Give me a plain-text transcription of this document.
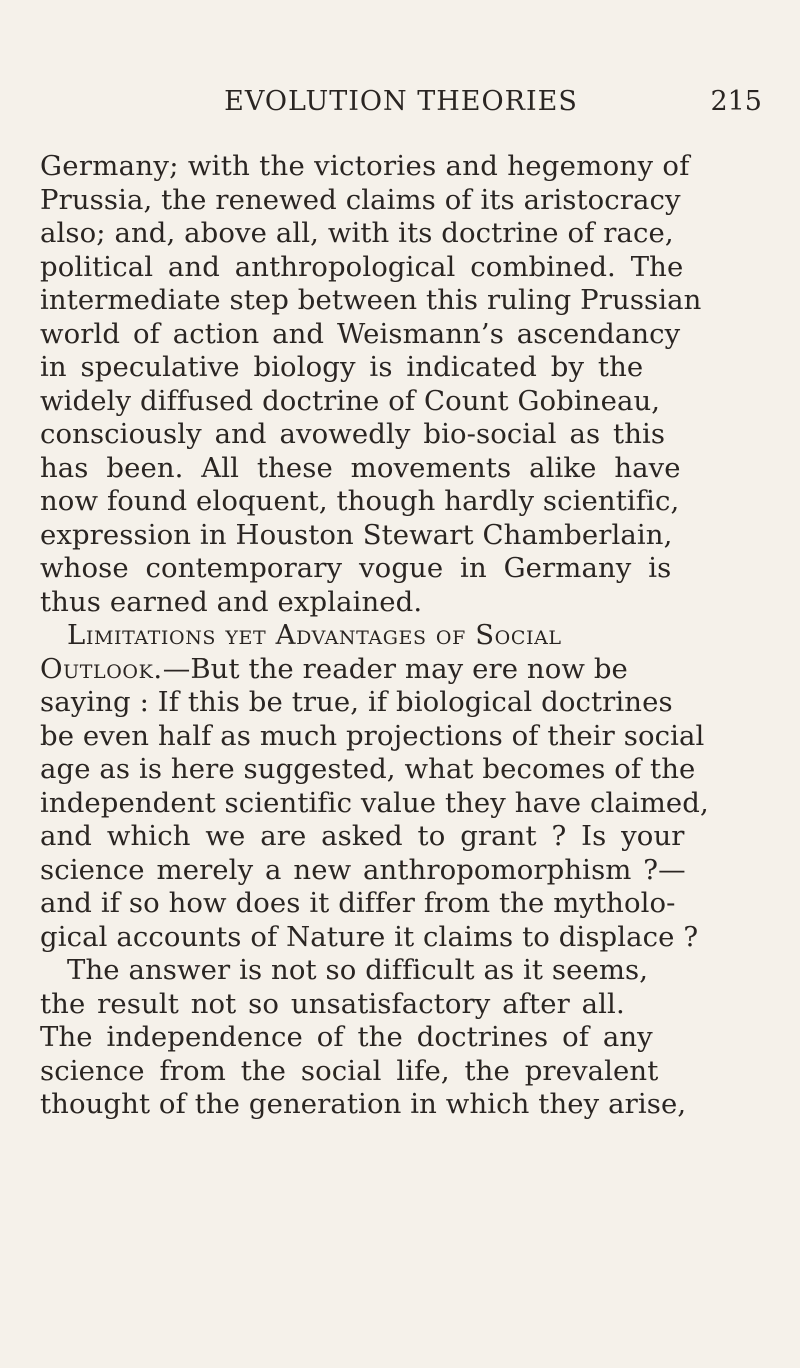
EVOLUTION THEORIES	215
Germany; with the victories and hegemony of
Prussia, the renewed claims of its aristocracy
also; and, above all, with its doctrine of race,
political and anthropological combined. The
intermediate step between this ruling Prussian
world of action and Weismann’s ascendancy
in speculative biology is indicated by the
widely diffused doctrine of Count Gobineau,
consciously and avowedly bio-social as this
has been. All these movements alike have
now found eloquent, though hardly scientific,
expression in Houston Stewart Chamberlain,
whose contemporary vogue in Germany is
thus earned and explained.
Limitations yet Advantages of Social
Outlook.—But the reader may ere now be
saying : If this be true, if biological doctrines
be even half as much projections of their social
age as is here suggested, what becomes of the
independent scientific value they have claimed,
and which we are asked to grant ? Is your
science merely a new anthropomorphism ?—
and if so how does it differ from the mytholo-
gical accounts of Nature it claims to displace ?
The answer is not so difficult as it seems,
the result not so unsatisfactory after all.
The independence of the doctrines of any
science from the social life, the prevalent
thought of the generation in which they arise,
